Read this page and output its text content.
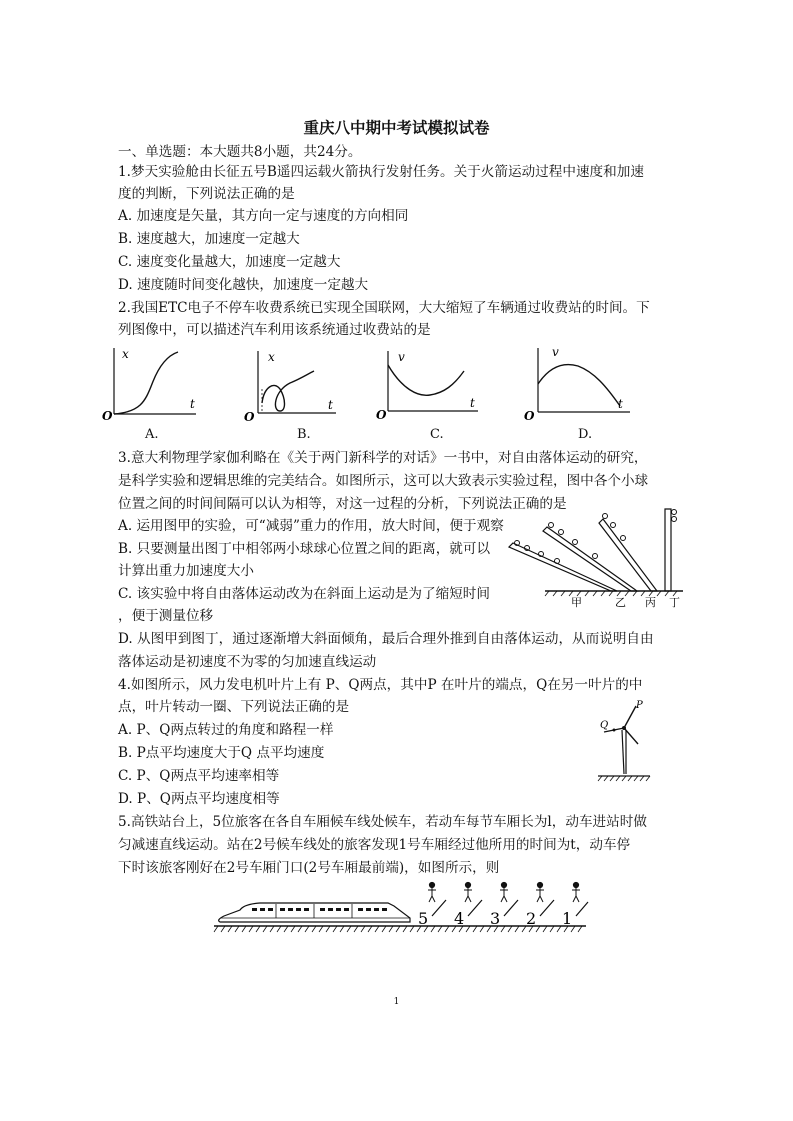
重庆八中期中考试模拟试卷
一、单选题：本大题共8小题，共24分。
1.梦天实验舱由长征五号B遥四运载火箭执行发射任务。关于火箭运动过程中速度和加速
度的判断，下列说法正确的是
A. 加速度是矢量，其方向一定与速度的方向相同
B. 速度越大，加速度一定越大
C. 速度变化量越大，加速度一定越大
D. 速度随时间变化越快，加速度一定越大
2.我国ETC电子不停车收费系统已实现全国联网，大大缩短了车辆通过收费站的时间。下
列图像中，可以描述汽车利用该系统通过收费站的是
x
t
O
A.
x
t
O
B.
v
t
O
C.
v
t
O
D.
3.意大利物理学家伽利略在《关于两门新科学的对话》一书中，对自由落体运动的研究，
是科学实验和逻辑思维的完美结合。如图所示，这可以大致表示实验过程，图中各个小球
位置之间的时间间隔可以认为相等，对这一过程的分析，下列说法正确的是
A. 运用图甲的实验，可“减弱”重力的作用，放大时间，便于观察
B. 只要测量出图丁中相邻两小球球心位置之间的距离，就可以
计算出重力加速度大小
C. 该实验中将自由落体运动改为在斜面上运动是为了缩短时间
，便于测量位移
D. 从图甲到图丁，通过逐渐增大斜面倾角，最后合理外推到自由落体运动，从而说明自由
落体运动是初速度不为零的匀加速直线运动
甲	乙 丙 丁
4.如图所示，风力发电机叶片上有 P、Q两点，其中P 在叶片的端点，Q在另一叶片的中
点，叶片转动一圈、下列说法正确的是
A. P、Q两点转过的角度和路程一样
B. P点平均速度大于Q 点平均速度
C. P、Q两点平均速率相等
D. P、Q两点平均速度相等
P
Q
5.高铁站台上，5位旅客在各自车厢候车线处候车，若动车每节车厢长为l，动车进站时做
匀减速直线运动。站在2号候车线处的旅客发现1号车厢经过他所用的时间为t，动车停
下时该旅客刚好在2号车厢门口(2号车厢最前端)，如图所示，则
5 4 3 2 1
1
